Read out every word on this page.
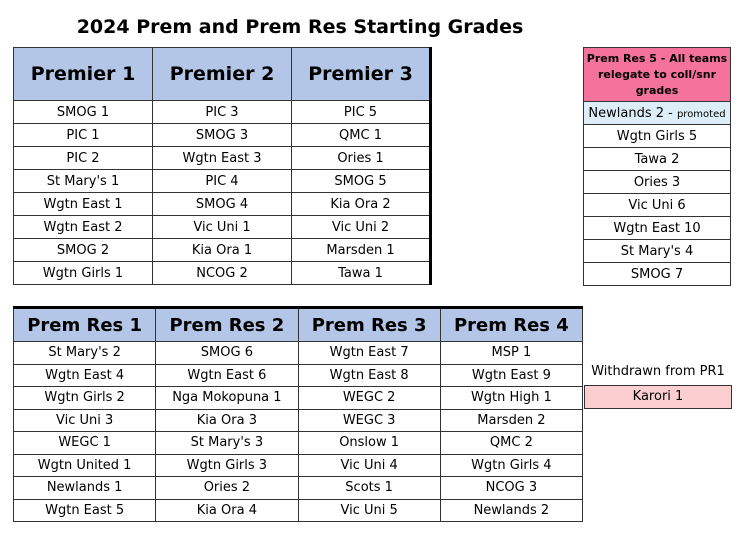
2024 Prem and Prem Res Starting Grades
Premier 1	Premier 2	Premier 3
SMOG 1	PIC 3	PIC 5
PIC 1	SMOG 3	QMC 1
PIC 2	Wgtn East 3	Ories 1
St Mary's 1	PIC 4	SMOG 5
Wgtn East 1	SMOG 4	Kia Ora 2
Wgtn East 2	Vic Uni 1	Vic Uni 2
SMOG 2	Kia Ora 1	Marsden 1
Wgtn Girls 1	NCOG 2	Tawa 1
Prem Res 5 - All teams relegate to coll/snr grades
Newlands 2 - promoted
Wgtn Girls 5
Tawa 2
Ories 3
Vic Uni 6
Wgtn East 10
St Mary's 4
SMOG 7
Prem Res 1	Prem Res 2	Prem Res 3	Prem Res 4
St Mary's 2	SMOG 6	Wgtn East 7	MSP 1
Wgtn East 4	Wgtn East 6	Wgtn East 8	Wgtn East 9
Wgtn Girls 2	Nga Mokopuna 1	WEGC 2	Wgtn High 1
Vic Uni 3	Kia Ora 3	WEGC 3	Marsden 2
WEGC 1	St Mary's 3	Onslow 1	QMC 2
Wgtn United 1	Wgtn Girls 3	Vic Uni 4	Wgtn Girls 4
Newlands 1	Ories 2	Scots 1	NCOG 3
Wgtn East 5	Kia Ora 4	Vic Uni 5	Newlands 2
Withdrawn from PR1
Karori 1
